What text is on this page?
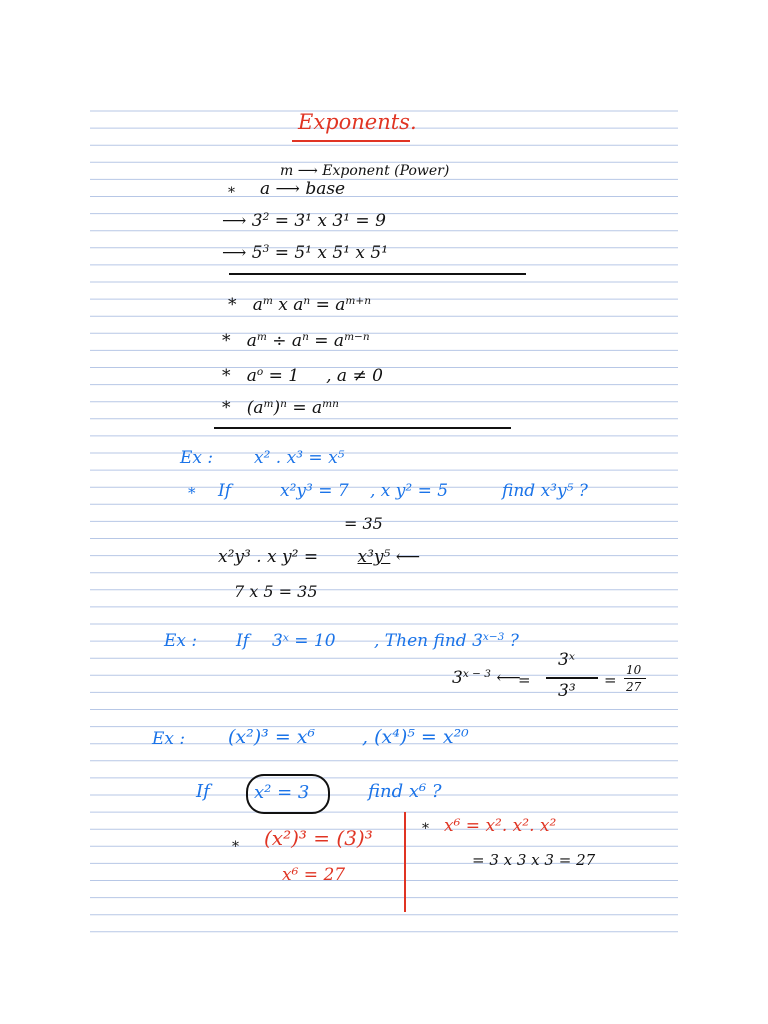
Exponents.
m ⟶ Exponent (Power)
* a ⟶ base
⟶ $3^2 = 3^1$ x 3¹ = 9
⟶ $5^3 = 5^1$ x 5¹ x 5¹
* $a^m$ x $a^n = a^{m+n}$
* $a^m \div a^n = a^{m-n}$
* $a^o = 1$ , a ≠ 0
* $(a^m)^n = a^{mn}$
Ex : x² . x³ = x⁵
* If	x²y³ = 7 , x y² = 5	find x³y⁵ ?
= 35
x²y³ . x y² = x³y⁵ ⟵
7 x 5 = 35
Ex : If 3ˣ = 10 , Then find $3^{x-3}$ ?
$3^{x - 3}$ ⟵
=
3ˣ
3³
=
10
27
Ex : (x²)³ = x⁶ , (x⁴)⁵ = x²⁰
If x² = 3	find x⁶ ?
* (x²)³ = (3)³
x⁶ = 27
* x⁶ = x². x². x²
= 3 x 3 x 3 = 27
